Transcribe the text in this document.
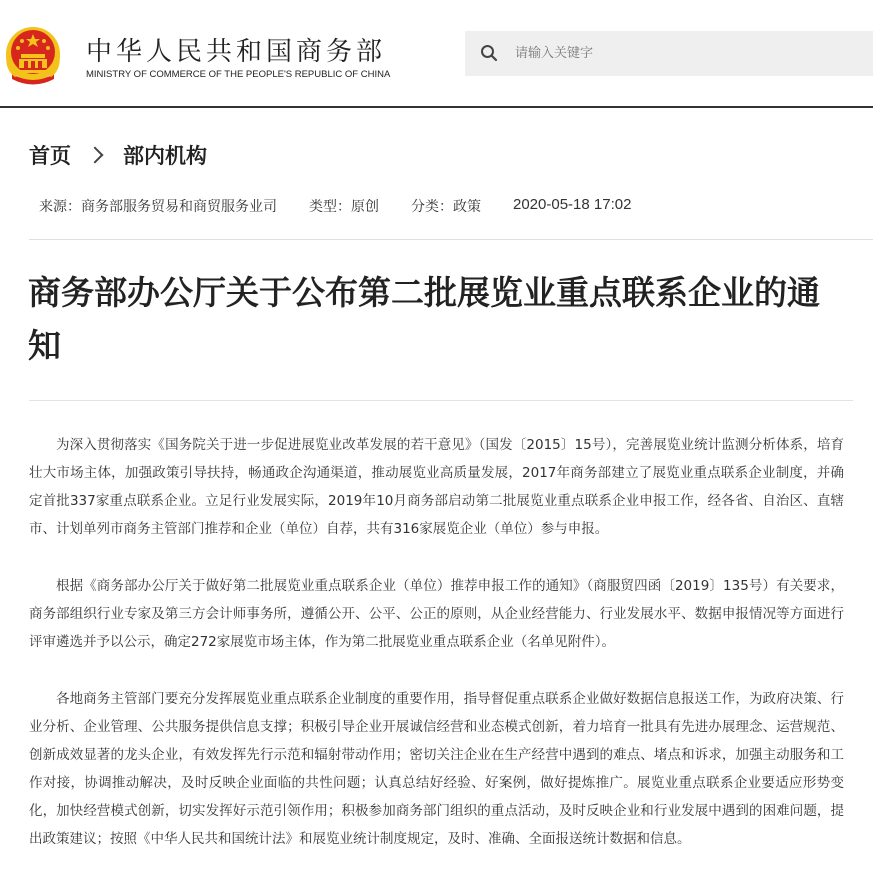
中华人民共和国商务部
MINISTRY OF COMMERCE OF THE PEOPLE'S REPUBLIC OF CHINA
请输入关键字
首页 部内机构
来源：商务部服务贸易和商贸服务业司 类型：原创 分类：政策 2020-05-18 17:02
商务部办公厅关于公布第二批展览业重点联系企业的通知

为深入贯彻落实《国务院关于进一步促进展览业改革发展的若干意见》（国发〔2015〕15号），完善展览业统计监测分析体系，培育壮大市场主体，加强政策引导扶持，畅通政企沟通渠道，推动展览业高质量发展，2017年商务部建立了展览业重点联系企业制度，并确定首批337家重点联系企业。立足行业发展实际，2019年10月商务部启动第二批展览业重点联系企业申报工作，经各省、自治区、直辖市、计划单列市商务主管部门推荐和企业（单位）自荐，共有316家展览企业（单位）参与申报。

根据《商务部办公厅关于做好第二批展览业重点联系企业（单位）推荐申报工作的通知》（商服贸四函〔2019〕135号）有关要求，商务部组织行业专家及第三方会计师事务所，遵循公开、公平、公正的原则，从企业经营能力、行业发展水平、数据申报情况等方面进行评审遴选并予以公示，确定272家展览市场主体，作为第二批展览业重点联系企业（名单见附件）。

各地商务主管部门要充分发挥展览业重点联系企业制度的重要作用，指导督促重点联系企业做好数据信息报送工作，为政府决策、行业分析、企业管理、公共服务提供信息支撑；积极引导企业开展诚信经营和业态模式创新，着力培育一批具有先进办展理念、运营规范、创新成效显著的龙头企业，有效发挥先行示范和辐射带动作用；密切关注企业在生产经营中遇到的难点、堵点和诉求，加强主动服务和工作对接，协调推动解决，及时反映企业面临的共性问题；认真总结好经验、好案例，做好提炼推广。展览业重点联系企业要适应形势变化，加快经营模式创新，切实发挥好示范引领作用；积极参加商务部门组织的重点活动，及时反映企业和行业发展中遇到的困难问题，提出政策建议；按照《中华人民共和国统计法》和展览业统计制度规定，及时、准确、全面报送统计数据和信息。
